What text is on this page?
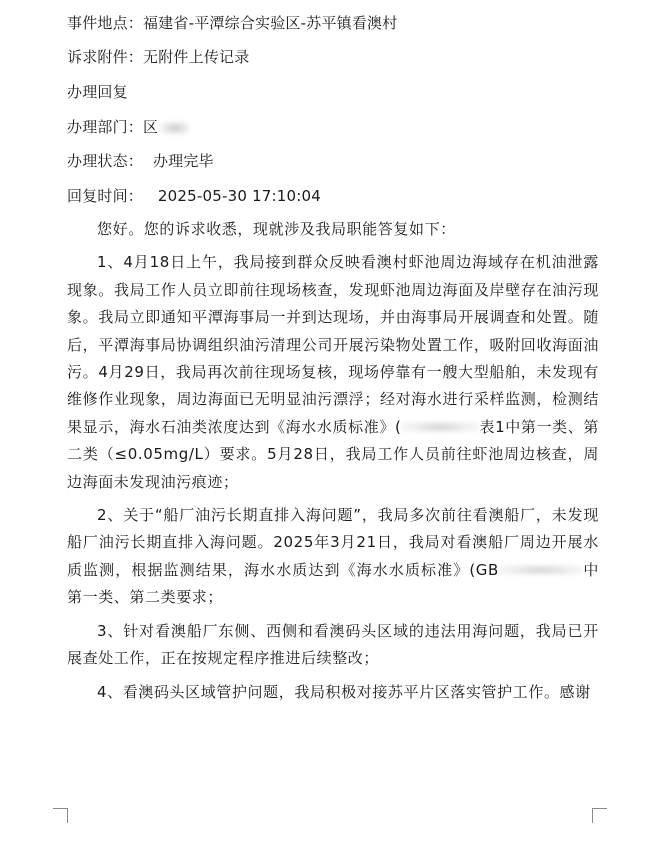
事件地点：福建省-平潭综合实验区-苏平镇看澳村
诉求附件：无附件上传记录
办理回复
办理部门：区
办理状态： 办理完毕
回复时间： 2025-05-30 17:10:04

您好。您的诉求收悉，现就涉及我局职能答复如下：

1、4月18日上午，我局接到群众反映看澳村虾池周边海域存在机油泄露现象。我局工作人员立即前往现场核查，发现虾池周边海面及岸壁存在油污现象。我局立即通知平潭海事局一并到达现场，并由海事局开展调查和处置。随后，平潭海事局协调组织油污清理公司开展污染物处置工作，吸附回收海面油污。4月29日，我局再次前往现场复核，现场停靠有一艘大型船舶，未发现有维修作业现象，周边海面已无明显油污漂浮；经对海水进行采样监测，检测结果显示，海水石油类浓度达到《海水水质标准》(	表1中第一类、第二类（≤0.05mg/L）要求。5月28日，我局工作人员前往虾池周边核查，周边海面未发现油污痕迹；

2、关于“船厂油污长期直排入海问题”，我局多次前往看澳船厂，未发现船厂油污长期直排入海问题。2025年3月21日，我局对看澳船厂周边开展水质监测，根据监测结果，海水水质达到《海水水质标准》(GB	中第一类、第二类要求；

3、针对看澳船厂东侧、西侧和看澳码头区域的违法用海问题，我局已开展查处工作，正在按规定程序推进后续整改；

4、看澳码头区域管护问题，我局积极对接苏平片区落实管护工作。感谢
